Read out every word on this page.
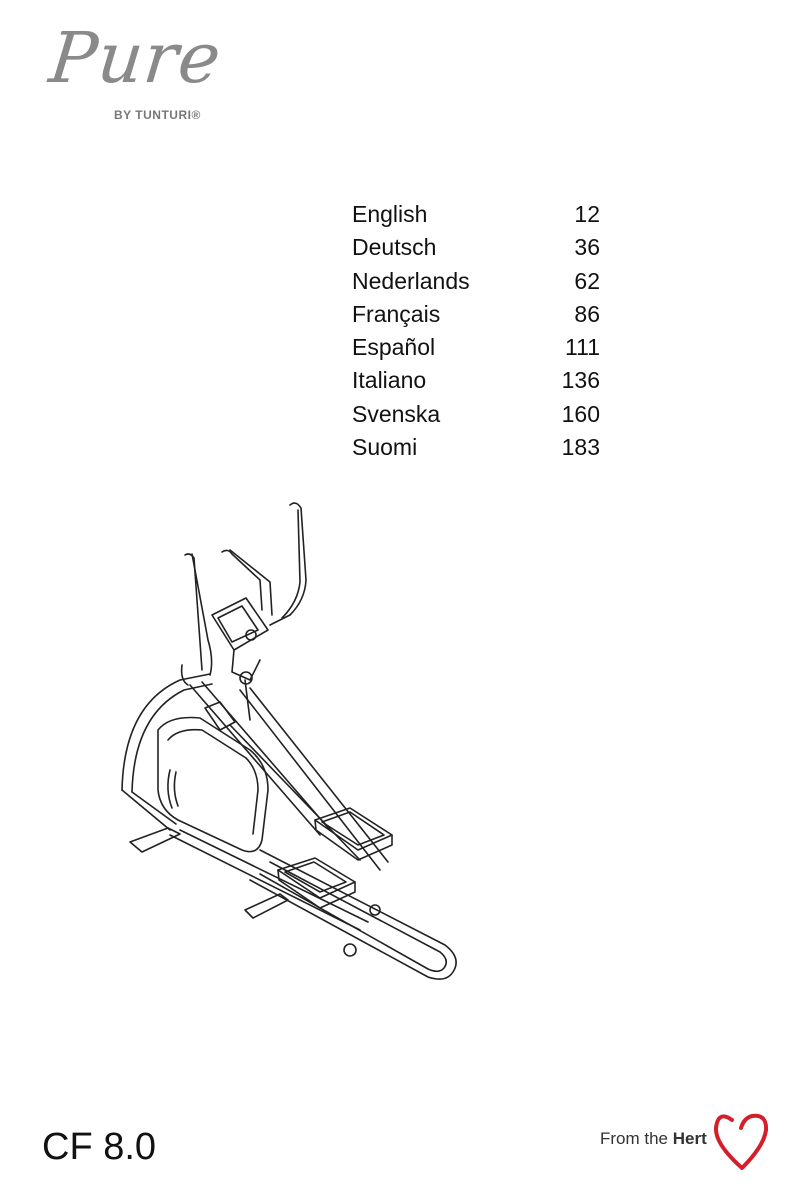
Pure
BY TUNTURI®
English	12
Deutsch	36
Nederlands	62
Français	86
Español	111
Italiano	136
Svenska	160
Suomi	183
CF 8.0	From the Hert
